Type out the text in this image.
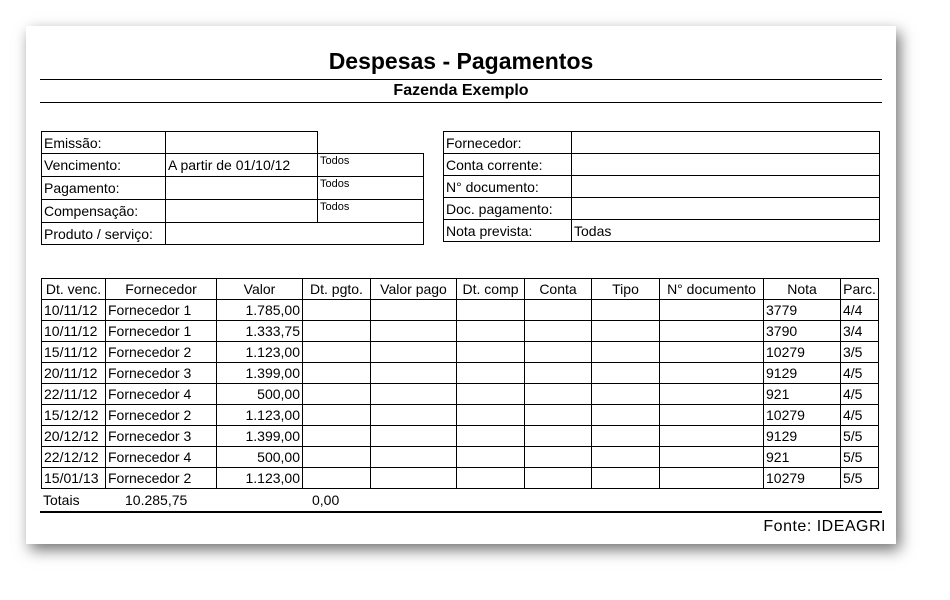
Despesas - Pagamentos
Fazenda Exemplo
Emissão:		
Vencimento:	A partir de 01/10/12	Todos
Pagamento:		Todos
Compensação:		Todos
Produto / serviço:		
Fornecedor:	
Conta corrente:	
N° documento:	
Doc. pagamento:	
Nota prevista:	Todas
Dt. venc.	Fornecedor	Valor	Dt. pgto.	Valor pago	Dt. comp	Conta	Tipo	N° documento	Nota	Parc.
10/11/12	Fornecedor 1	1.785,00							3779	4/4
10/11/12	Fornecedor 1	1.333,75							3790	3/4
15/11/12	Fornecedor 2	1.123,00							10279	3/5
20/11/12	Fornecedor 3	1.399,00							9129	4/5
22/11/12	Fornecedor 4	500,00							921	4/5
15/12/12	Fornecedor 2	1.123,00							10279	4/5
20/12/12	Fornecedor 3	1.399,00							9129	5/5
22/12/12	Fornecedor 4	500,00							921	5/5
15/01/13	Fornecedor 2	1.123,00							10279	5/5
Totais	10.285,75	0,00
Fonte: IDEAGRI
